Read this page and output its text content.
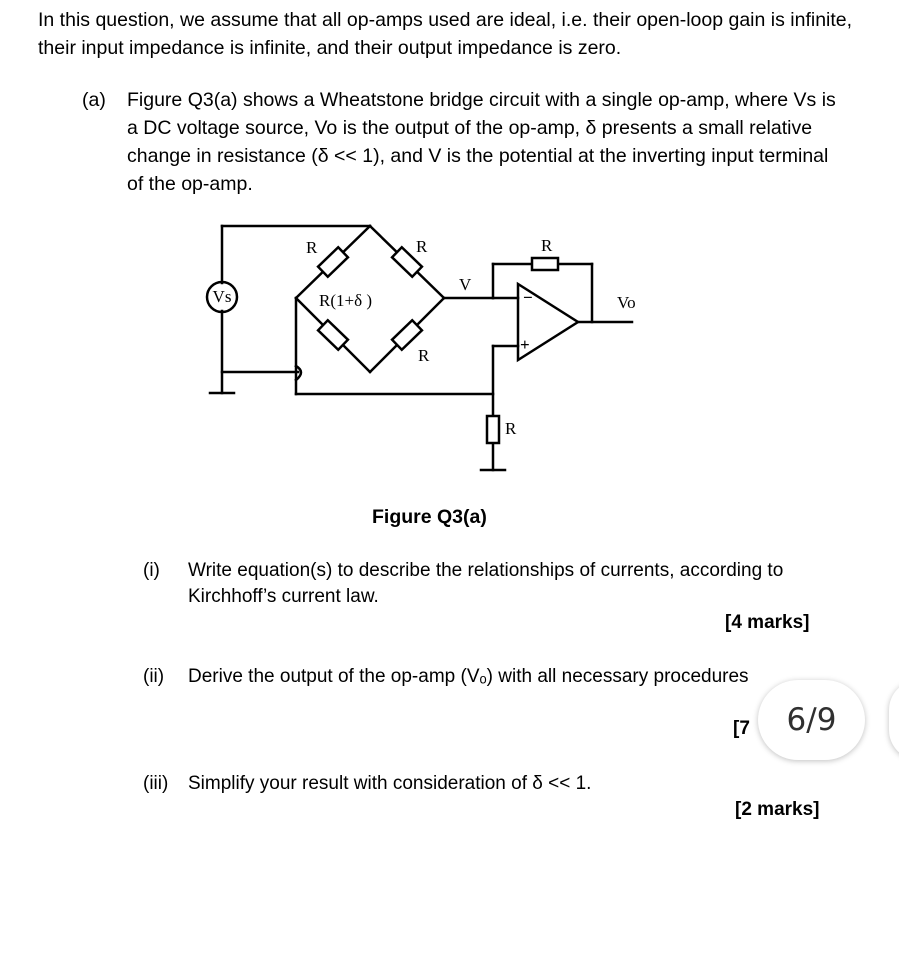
In this question, we assume that all op-amps used are ideal, i.e. their open-loop gain is infinite, their input impedance is infinite, and their output impedance is zero.
(a) Figure Q3(a) shows a Wheatstone bridge circuit with a single op-amp, where Vs is a DC voltage source, Vo is the output of the op-amp, δ presents a small relative change in resistance (δ << 1), and V is the potential at the inverting input terminal of the op-amp.
Vs
R	R
R(1+δ )
R
R
R
V
Vo
−
+
Figure Q3(a)
(i) Write equation(s) to describe the relationships of currents, according to Kirchhoff’s current law.
[4 marks]
(ii) Derive the output of the op-amp (Vₒ) with all necessary procedures
[7
(iii) Simplify your result with consideration of δ << 1.
[2 marks]
6/9
